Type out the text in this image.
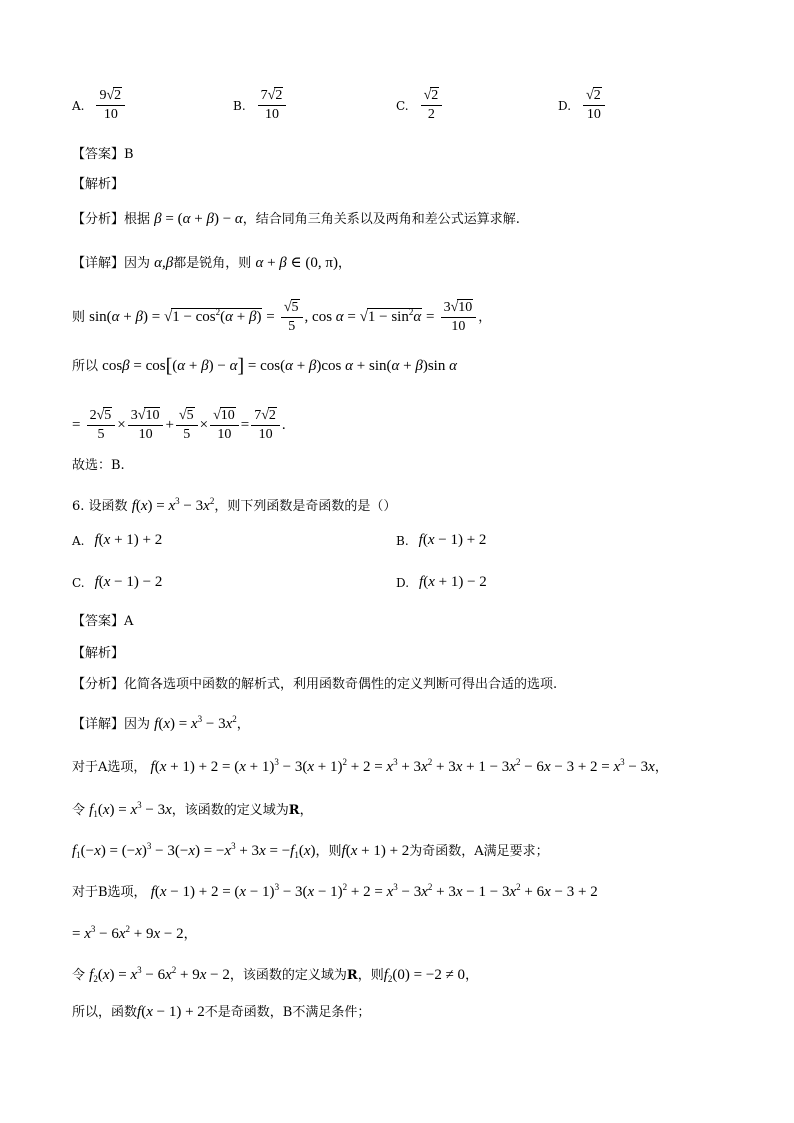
A. $\frac{9√2}{10}$	B. $\frac{7√2}{10}$	C. $\frac{√2}{2}$	D. $\frac{√2}{10}$
【答案】B
【解析】
【分析】根据 β = (α + β) − α，结合同角三角关系以及两角和差公式运算求解.
【详解】因为 α,β都是锐角，则 α + β ∈ (0, π)，
则 $\sin(\alpha + \beta) = √1 - \cos^2(\alpha + \beta) = \frac{√5}{5}$ , $\cos \alpha = √1 - \sin^2\alpha = \frac{3√10}{10}$ ，
所以 cosβ = cos[(α + β) − α] = cos(α + β)cos α + sin(α + β)sin α
= $\frac{2√5}{5} \times \frac{3√10}{10} + \frac{√5}{5} \times \frac{√10}{10} = \frac{7√2}{10}$ .
故选：B.
6. 设函数 $f(x) = x^3 - 3x^2$，则下列函数是奇函数的是（）
A. f(x + 1) + 2	B. f(x − 1) + 2
C. f(x − 1) − 2	D. f(x + 1) − 2
【答案】A
【解析】
【分析】化简各选项中函数的解析式，利用函数奇偶性的定义判断可得出合适的选项.
【详解】因为 $f(x) = x^3 - 3x^2$，
对于A选项， $f(x + 1) + 2 = (x + 1)^3 - 3(x + 1)^2 + 2 = x^3 + 3x^2 + 3x + 1 - 3x^2 - 6x - 3 + 2 = x^3 - 3x$，
令 $f_1(x) = x^3 - 3x$，该函数的定义域为R，
$f_1(-x) = (-x)^3 - 3(-x) = -x^3 + 3x = -f_1(x)$，则f(x + 1) + 2为奇函数，A满足要求；
对于B选项， $f(x - 1) + 2 = (x - 1)^3 - 3(x - 1)^2 + 2 = x^3 - 3x^2 + 3x - 1 - 3x^2 + 6x - 3 + 2$
= $x^3 - 6x^2 + 9x - 2$，
令 $f_2(x) = x^3 - 6x^2 + 9x - 2$，该函数的定义域为R，则$f_2(0) = -2 \ne 0$，
所以，函数f(x − 1) + 2不是奇函数，B不满足条件；
